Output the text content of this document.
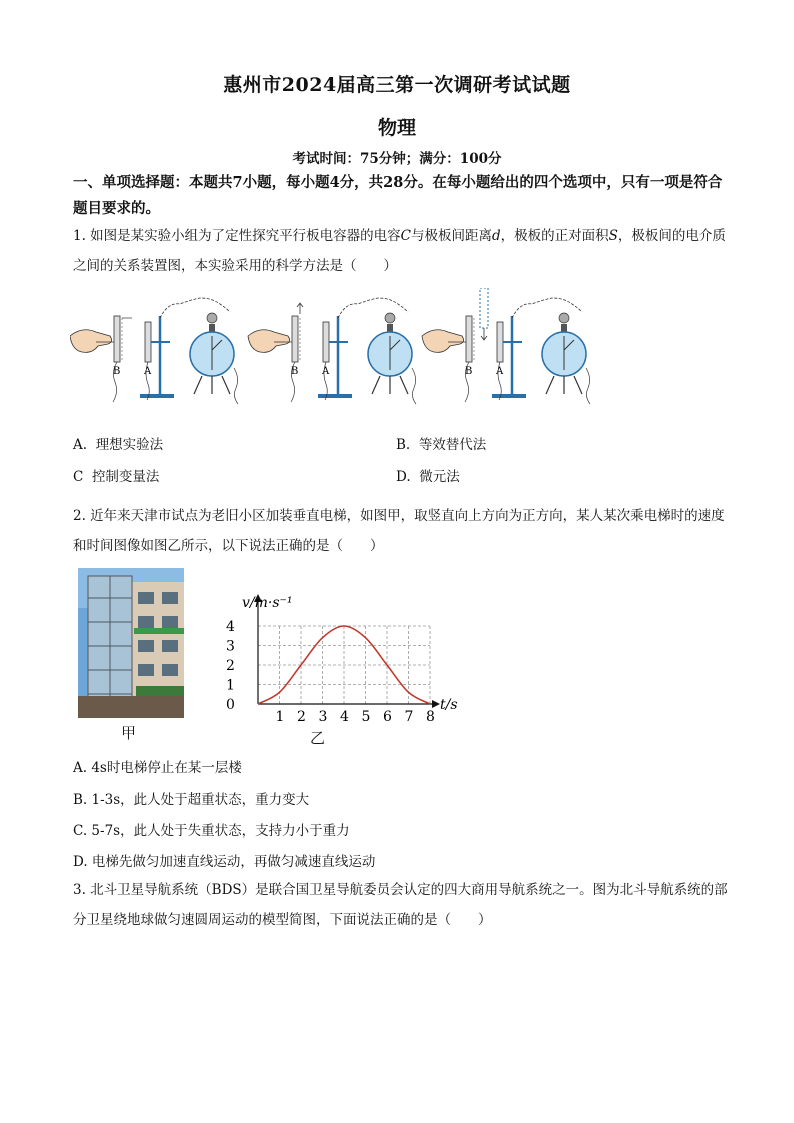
惠州市2024届高三第一次调研考试试题
物理
考试时间：75分钟；满分：100分
一、单项选择题：本题共7小题，每小题4分，共28分。在每小题给出的四个选项中，只有一项是符合题目要求的。
1. 如图是某实验小组为了定性探究平行板电容器的电容C与极板间距离d，极板的正对面积S，极板间的电介质之间的关系装置图，本实验采用的科学方法是（　　）
B A	B A	B A
A. 理想实验法	B. 等效替代法
C 控制变量法	D. 微元法
2. 近年来天津市试点为老旧小区加装垂直电梯，如图甲，取竖直向上方向为正方向，某人某次乘电梯时的速度和时间图像如图乙所示，以下说法正确的是（　　）
甲
v/m·s⁻¹
t/s
0
1 2 3 4 5 6 7 8
1
2
3
4
乙
A. 4s时电梯停止在某一层楼
B. 1-3s，此人处于超重状态，重力变大
C. 5-7s，此人处于失重状态，支持力小于重力
D. 电梯先做匀加速直线运动，再做匀减速直线运动
3. 北斗卫星导航系统（BDS）是联合国卫星导航委员会认定的四大商用导航系统之一。图为北斗导航系统的部分卫星绕地球做匀速圆周运动的模型简图，下面说法正确的是（　　）
